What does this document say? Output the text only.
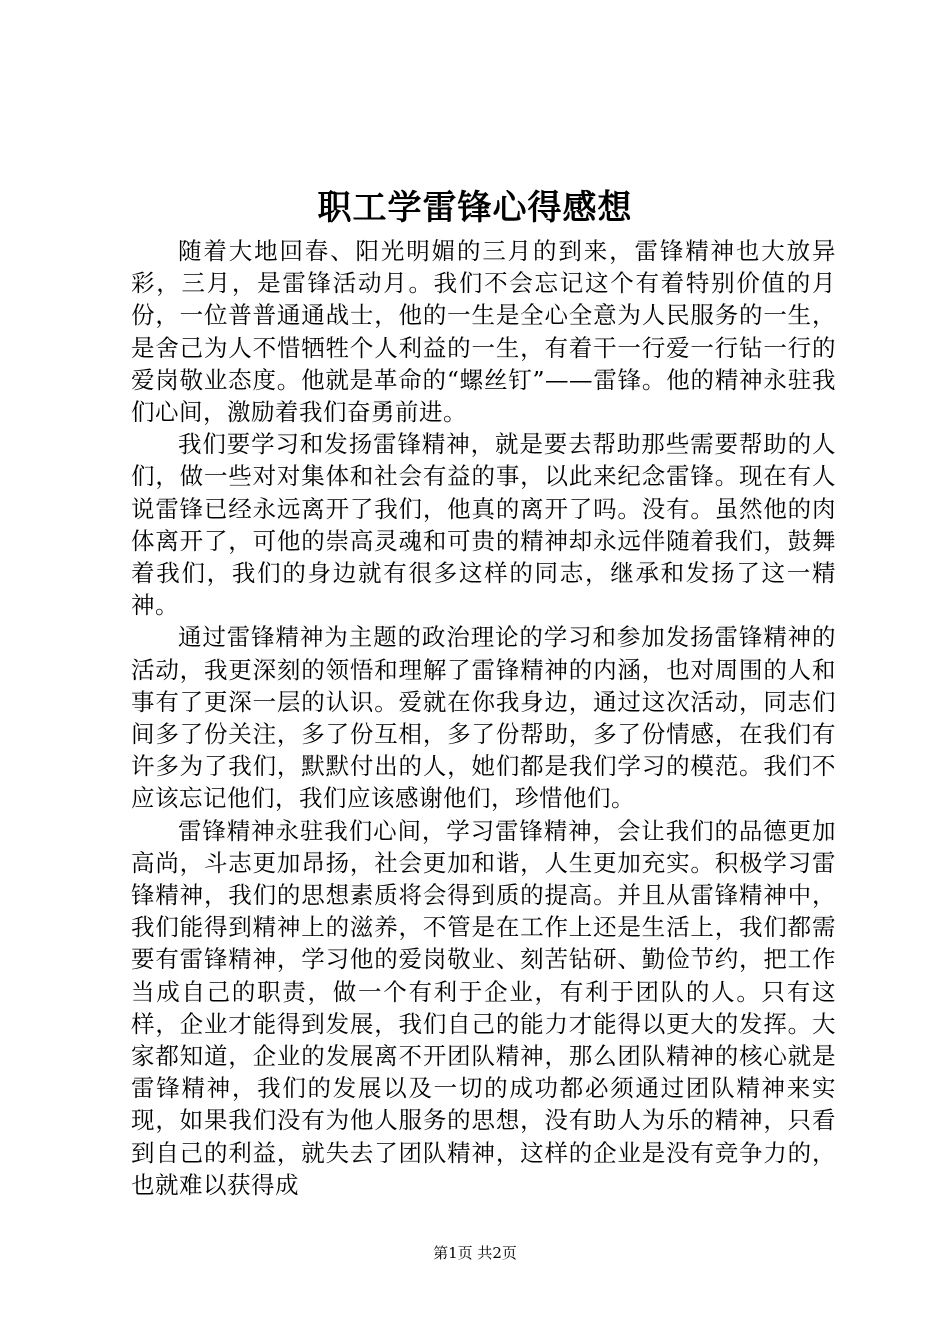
职工学雷锋心得感想

随着大地回春、阳光明媚的三月的到来，雷锋精神也大放异彩，三月，是雷锋活动月。我们不会忘记这个有着特别价值的月份，一位普普通通战士，他的一生是全心全意为人民服务的一生，是舍己为人不惜牺牲个人利益的一生，有着干一行爱一行钻一行的爱岗敬业态度。他就是革命的“螺丝钉”——雷锋。他的精神永驻我们心间，激励着我们奋勇前进。

我们要学习和发扬雷锋精神，就是要去帮助那些需要帮助的人们，做一些对对集体和社会有益的事，以此来纪念雷锋。现在有人说雷锋已经永远离开了我们，他真的离开了吗。没有。虽然他的肉体离开了，可他的崇高灵魂和可贵的精神却永远伴随着我们，鼓舞着我们，我们的身边就有很多这样的同志，继承和发扬了这一精神。

通过雷锋精神为主题的政治理论的学习和参加发扬雷锋精神的活动，我更深刻的领悟和理解了雷锋精神的内涵，也对周围的人和事有了更深一层的认识。爱就在你我身边，通过这次活动，同志们间多了份关注，多了份互相，多了份帮助，多了份情感，在我们有许多为了我们，默默付出的人，她们都是我们学习的模范。我们不应该忘记他们，我们应该感谢他们，珍惜他们。

雷锋精神永驻我们心间，学习雷锋精神，会让我们的品德更加高尚，斗志更加昂扬，社会更加和谐，人生更加充实。积极学习雷锋精神，我们的思想素质将会得到质的提高。并且从雷锋精神中，我们能得到精神上的滋养，不管是在工作上还是生活上，我们都需要有雷锋精神，学习他的爱岗敬业、刻苦钻研、勤俭节约，把工作当成自己的职责，做一个有利于企业，有利于团队的人。只有这样，企业才能得到发展，我们自己的能力才能得以更大的发挥。大家都知道，企业的发展离不开团队精神，那么团队精神的核心就是雷锋精神，我们的发展以及一切的成功都必须通过团队精神来实现，如果我们没有为他人服务的思想，没有助人为乐的精神，只看到自己的利益，就失去了团队精神，这样的企业是没有竞争力的，也就难以获得成

第1页 共2页
